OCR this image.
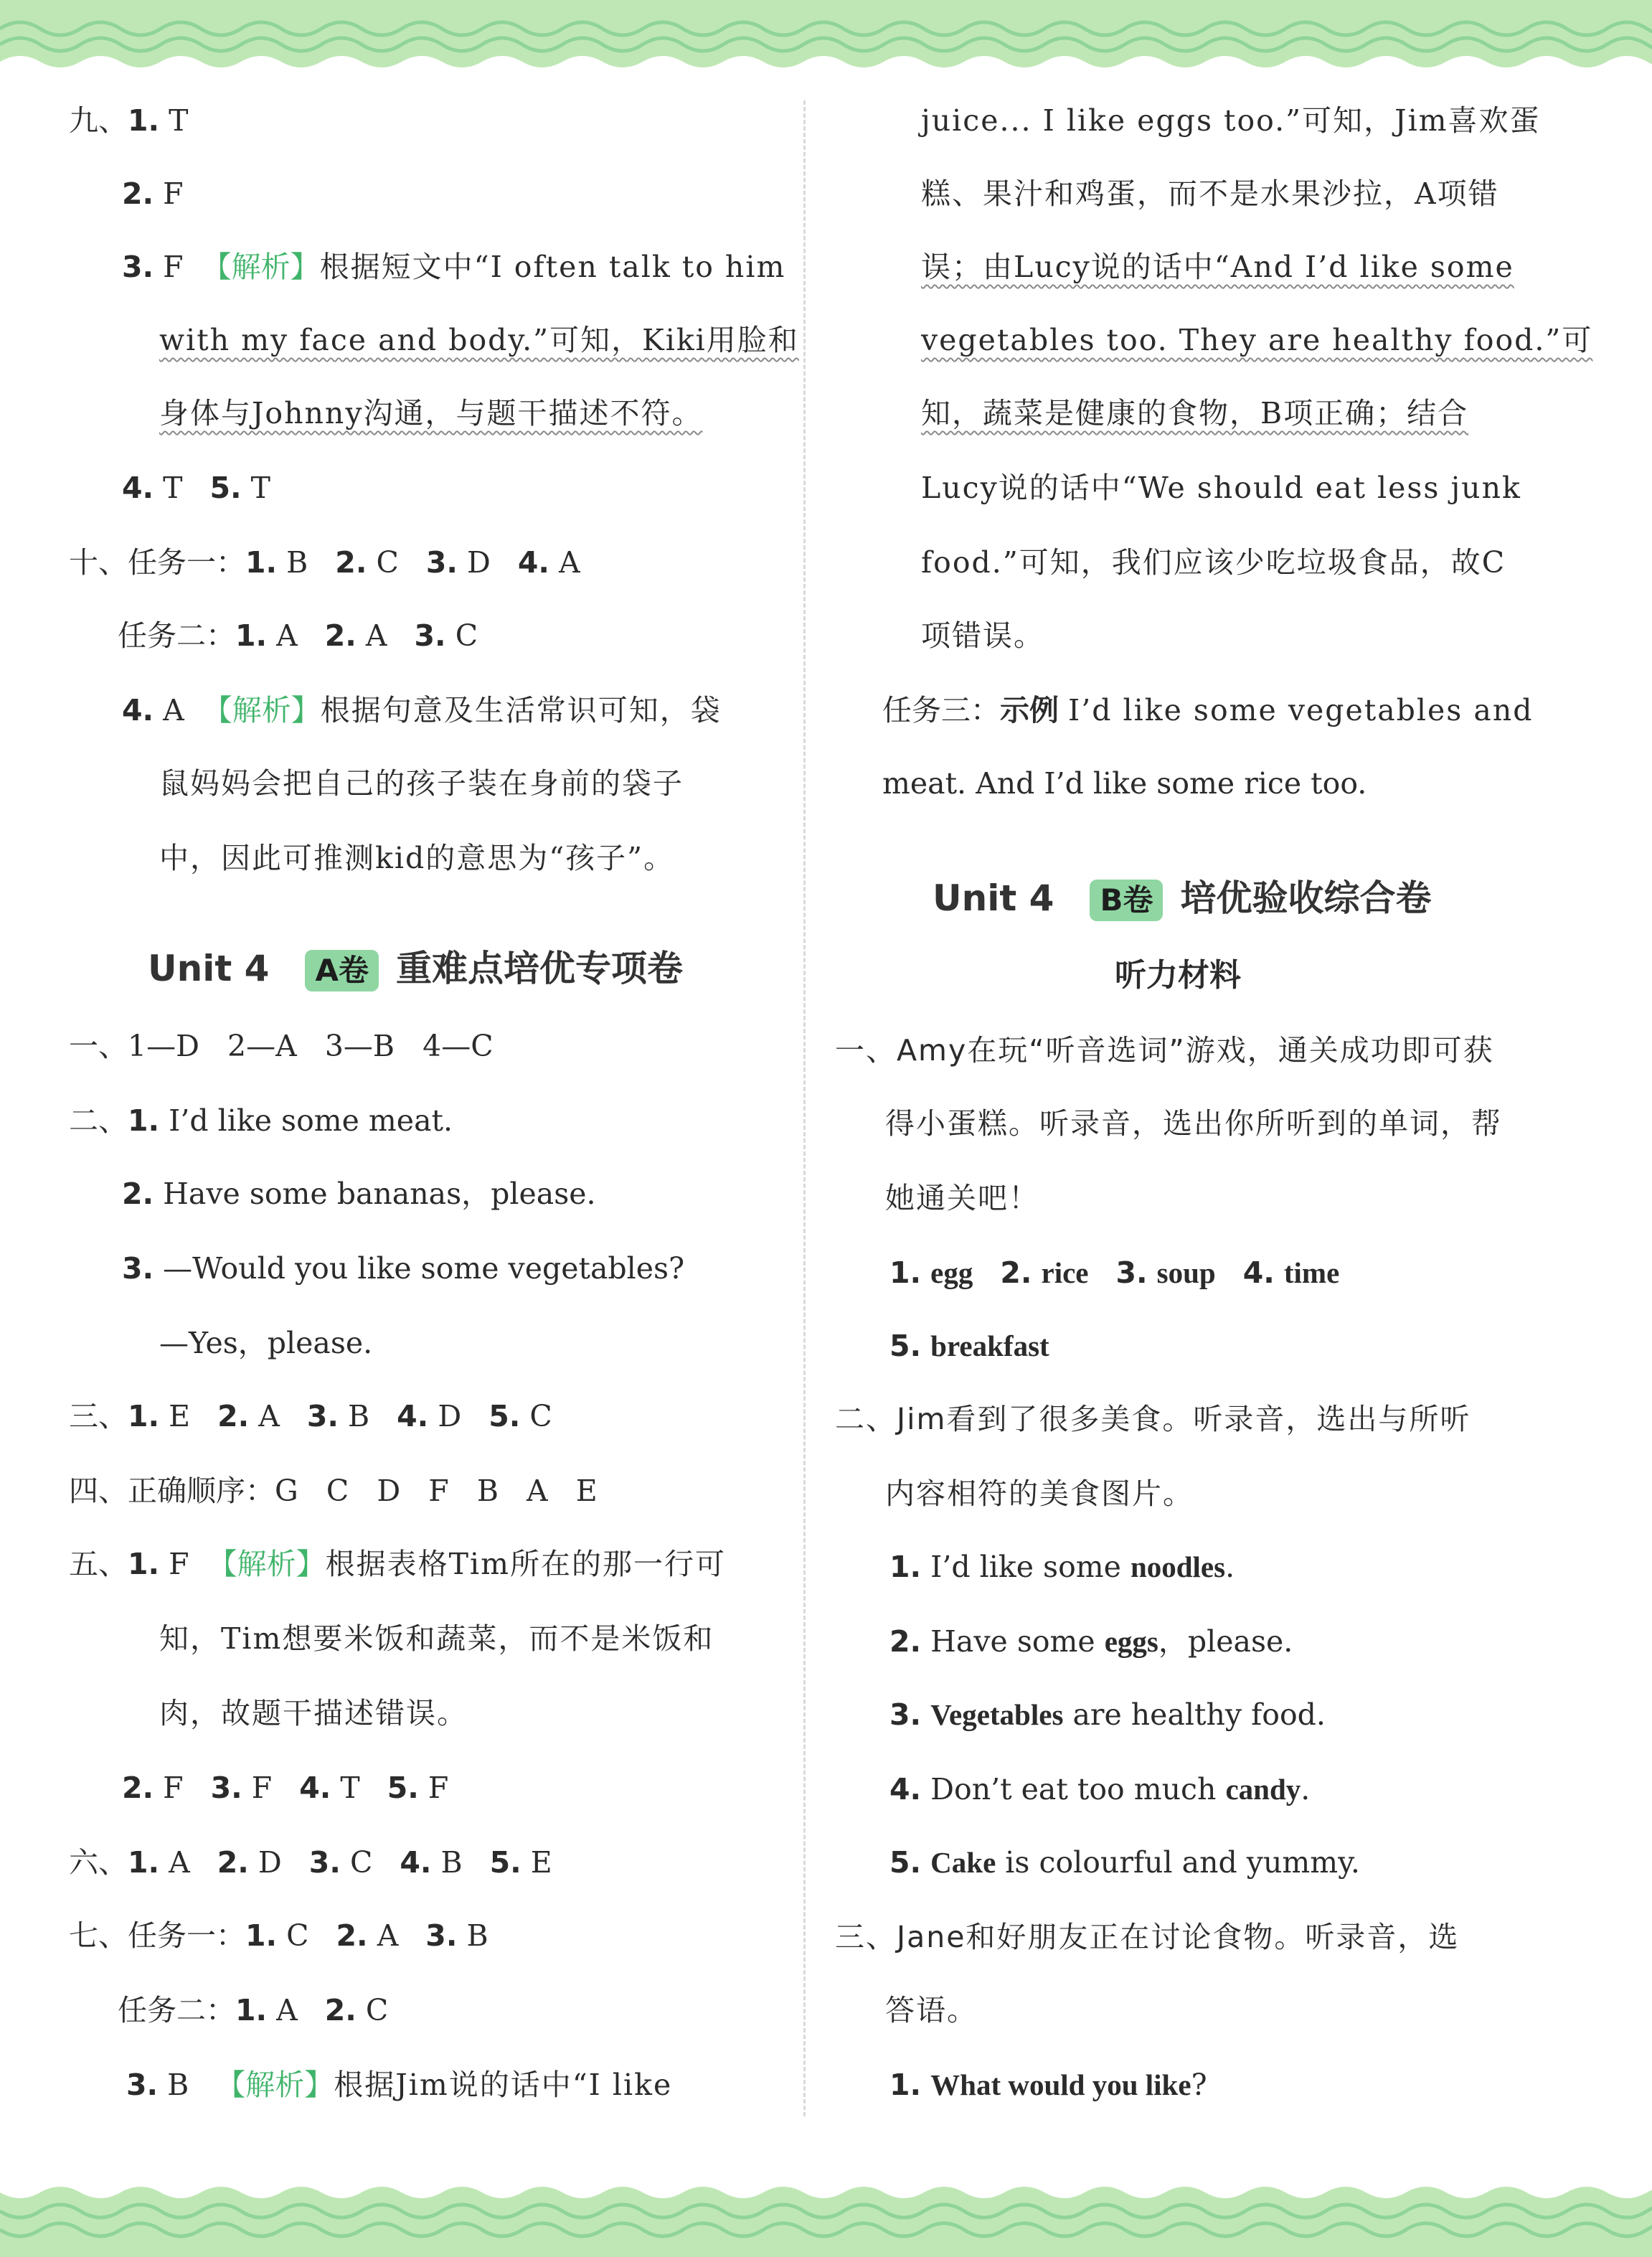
九、1. T
2. F
3. F 【解析】根据短文中“I often talk to him
with my face and body.”可知，Kiki用脸和
身体与Johnny沟通，与题干描述不符。
4. T 5. T
十、任务一：1. B 2. C 3. D 4. A
任务二：1. A 2. A 3. C
4. A 【解析】根据句意及生活常识可知，袋
鼠妈妈会把自己的孩子装在身前的袋子
中，因此可推测kid的意思为“孩子”。
Unit 4 A卷 重难点培优专项卷
一、1—D   2—A   3—B   4—C
二、1. I’d like some meat.
2. Have some bananas，please.
3. —Would you like some vegetables?
—Yes，please.
三、1. E 2. A 3. B 4. D 5. C
四、正确顺序：G   C   D   F   B   A   E
五、1. F 【解析】根据表格Tim所在的那一行可
知，Tim想要米饭和蔬菜，而不是米饭和
肉，故题干描述错误。
2. F 3. F 4. T 5. F
六、1. A 2. D 3. C 4. B 5. E
七、任务一：1. C 2. A 3. B
任务二：1. A 2. C
3. B 【解析】根据Jim说的话中“I like
juice... I like eggs too.”可知，Jim喜欢蛋
糕、果汁和鸡蛋，而不是水果沙拉，A项错
误；由Lucy说的话中“And I’d like some
vegetables too. They are healthy food.”可
知，蔬菜是健康的食物，B项正确；结合
Lucy说的话中“We should eat less junk
food.”可知，我们应该少吃垃圾食品，故C
项错误。
任务三：示例 I’d like some vegetables and
meat. And I’d like some rice too.
Unit 4 B卷 培优验收综合卷
听力材料
一、Amy在玩“听音选词”游戏，通关成功即可获
得小蛋糕。听录音，选出你所听到的单词，帮
她通关吧！
1. egg 2. rice 3. soup 4. time
5. breakfast
二、Jim看到了很多美食。听录音，选出与所听
内容相符的美食图片。
1. I’d like some noodles.
2. Have some eggs，please.
3. Vegetables are healthy food.
4. Don’t eat too much candy.
5. Cake is colourful and yummy.
三、Jane和好朋友正在讨论食物。听录音，选
答语。
1. What would you like?
